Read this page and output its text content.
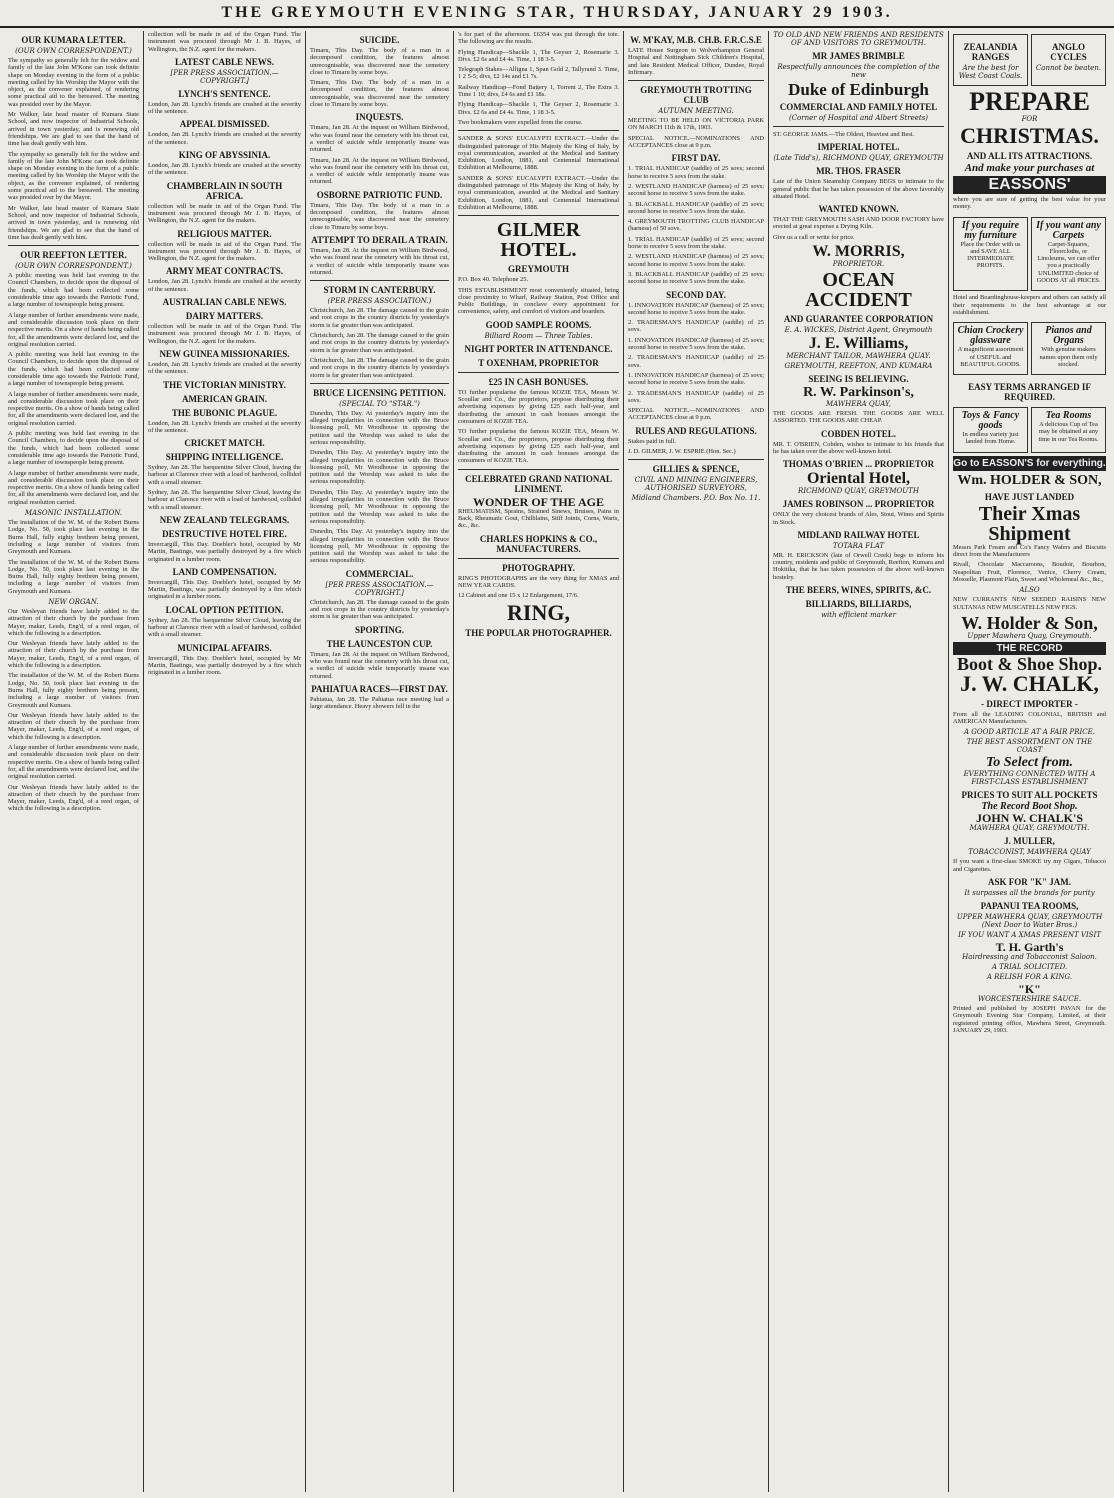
THE GREYMOUTH EVENING STAR, THURSDAY, JANUARY 29 1903.
OUR KUMARA LETTER.
(OUR OWN CORRESPONDENT.)

The sympathy so generally felt for the widow and family of the late John M'Kone can took definite shape on Monday evening in the form of a public meeting called by his Worship the Mayor with the object, as the convener explained, of rendering some practical aid to the bereaved. The meeting was presided over by the Mayor.

Mr Walker, late head master of Kumara State School, and now inspector of Industrial Schools, arrived in town yesterday, and is renewing old friendships. We are glad to see that the hand of time has dealt gently with him.

The sympathy so generally felt for the widow and family of the late John M'Kone can took definite shape on Monday evening in the form of a public meeting called by his Worship the Mayor with the object, as the convener explained, of rendering some practical aid to the bereaved. The meeting was presided over by the Mayor.

Mr Walker, late head master of Kumara State School, and now inspector of Industrial Schools, arrived in town yesterday, and is renewing old friendships. We are glad to see that the hand of time has dealt gently with him.

OUR REEFTON LETTER.
(OUR OWN CORRESPONDENT.)

A public meeting was held last evening in the Council Chambers, to decide upon the disposal of the funds, which had been collected some considerable time ago towards the Patriotic Fund, a large number of townspeople being present.

A large number of further amendments were made, and considerable discussion took place on their respective merits. On a show of hands being called for, all the amendments were declared lost, and the original resolution carried.

A public meeting was held last evening in the Council Chambers, to decide upon the disposal of the funds, which had been collected some considerable time ago towards the Patriotic Fund, a large number of townspeople being present.

A large number of further amendments were made, and considerable discussion took place on their respective merits. On a show of hands being called for, all the amendments were declared lost, and the original resolution carried.

A public meeting was held last evening in the Council Chambers, to decide upon the disposal of the funds, which had been collected some considerable time ago towards the Patriotic Fund, a large number of townspeople being present.

A large number of further amendments were made, and considerable discussion took place on their respective merits. On a show of hands being called for, all the amendments were declared lost, and the original resolution carried.

MASONIC INSTALLATION.

The installation of the W. M. of the Robert Burns Lodge, No. 50, took place last evening in the Burns Hall, fully eighty brethren being present, including a large number of visitors from Greymouth and Kumara.

The installation of the W. M. of the Robert Burns Lodge, No. 50, took place last evening in the Burns Hall, fully eighty brethren being present, including a large number of visitors from Greymouth and Kumara.

NEW ORGAN.

Our Wesleyan friends have lately added to the attraction of their church by the purchase from Mayer, maker, Leeds, Eng'd, of a reed organ, of which the following is a description.

Our Wesleyan friends have lately added to the attraction of their church by the purchase from Mayer, maker, Leeds, Eng'd, of a reed organ, of which the following is a description.

The installation of the W. M. of the Robert Burns Lodge, No. 50, took place last evening in the Burns Hall, fully eighty brethren being present, including a large number of visitors from Greymouth and Kumara.

Our Wesleyan friends have lately added to the attraction of their church by the purchase from Mayer, maker, Leeds, Eng'd, of a reed organ, of which the following is a description.

A large number of further amendments were made, and considerable discussion took place on their respective merits. On a show of hands being called for, all the amendments were declared lost, and the original resolution carried.

Our Wesleyan friends have lately added to the attraction of their church by the purchase from Mayer, maker, Leeds, Eng'd, of a reed organ, of which the following is a description.

collection will be made in aid of the Organ Fund. The instrument was procured through Mr J. B. Hayes, of Wellington, the N.Z. agent for the makers.

LATEST CABLE NEWS.
[PER PRESS ASSOCIATION.—COPYRIGHT.]
LYNCH'S SENTENCE.

London, Jan 28. Lynch's friends are crushed at the severity of the sentence.

APPEAL DISMISSED.

London, Jan 28. Lynch's friends are crushed at the severity of the sentence.

KING OF ABYSSINIA.

London, Jan 28. Lynch's friends are crushed at the severity of the sentence.

CHAMBERLAIN IN SOUTH AFRICA.

collection will be made in aid of the Organ Fund. The instrument was procured through Mr J. B. Hayes, of Wellington, the N.Z. agent for the makers.

RELIGIOUS MATTER.

collection will be made in aid of the Organ Fund. The instrument was procured through Mr J. B. Hayes, of Wellington, the N.Z. agent for the makers.

ARMY MEAT CONTRACTS.

London, Jan 28. Lynch's friends are crushed at the severity of the sentence.

AUSTRALIAN CABLE NEWS.
DAIRY MATTERS.

collection will be made in aid of the Organ Fund. The instrument was procured through Mr J. B. Hayes, of Wellington, the N.Z. agent for the makers.

NEW GUINEA MISSIONARIES.

London, Jan 28. Lynch's friends are crushed at the severity of the sentence.

THE VICTORIAN MINISTRY.
AMERICAN GRAIN.
THE BUBONIC PLAGUE.

London, Jan 28. Lynch's friends are crushed at the severity of the sentence.

CRICKET MATCH.
SHIPPING INTELLIGENCE.

Sydney, Jan 28. The barquentine Silver Cloud, leaving the harbour at Clarence river with a load of hardwood, collided with a small steamer.

Sydney, Jan 28. The barquentine Silver Cloud, leaving the harbour at Clarence river with a load of hardwood, collided with a small steamer.

NEW ZEALAND TELEGRAMS.
DESTRUCTIVE HOTEL FIRE.

Invercargill, This Day. Doebler's hotel, occupied by Mr Martin, Bastings, was partially destroyed by a fire which originated in a lumber room.

LAND COMPENSATION.

Invercargill, This Day. Doebler's hotel, occupied by Mr Martin, Bastings, was partially destroyed by a fire which originated in a lumber room.

LOCAL OPTION PETITION.

Sydney, Jan 28. The barquentine Silver Cloud, leaving the harbour at Clarence river with a load of hardwood, collided with a small steamer.

MUNICIPAL AFFAIRS.

Invercargill, This Day. Doebler's hotel, occupied by Mr Martin, Bastings, was partially destroyed by a fire which originated in a lumber room.

SUICIDE.

Timaru, This Day. The body of a man in a decomposed condition, the features almost unrecognisable, was discovered near the cemetery close to Timaru by some boys.

Timaru, This Day. The body of a man in a decomposed condition, the features almost unrecognisable, was discovered near the cemetery close to Timaru by some boys.

INQUESTS.

Timaru, Jan 28. At the inquest on William Birdwood, who was found near the cemetery with his throat cut, a verdict of suicide while temporarily insane was returned.

Timaru, Jan 28. At the inquest on William Birdwood, who was found near the cemetery with his throat cut, a verdict of suicide while temporarily insane was returned.

OSBORNE PATRIOTIC FUND.

Timaru, This Day. The body of a man in a decomposed condition, the features almost unrecognisable, was discovered near the cemetery close to Timaru by some boys.

ATTEMPT TO DERAIL A TRAIN.

Timaru, Jan 28. At the inquest on William Birdwood, who was found near the cemetery with his throat cut, a verdict of suicide while temporarily insane was returned.

STORM IN CANTERBURY.
(PER PRESS ASSOCIATION.)

Christchurch, Jan 28. The damage caused to the grain and root crops in the country districts by yesterday's storm is far greater than was anticipated.

Christchurch, Jan 28. The damage caused to the grain and root crops in the country districts by yesterday's storm is far greater than was anticipated.

Christchurch, Jan 28. The damage caused to the grain and root crops in the country districts by yesterday's storm is far greater than was anticipated.

BRUCE LICENSING PETITION.
(SPECIAL TO "STAR.")

Dunedin, This Day. At yesterday's inquiry into the alleged irregularities in connection with the Bruce licensing poll, Mr Woodhouse in opposing the petition said the Worship was asked to take the serious responsibility.

Dunedin, This Day. At yesterday's inquiry into the alleged irregularities in connection with the Bruce licensing poll, Mr Woodhouse in opposing the petition said the Worship was asked to take the serious responsibility.

Dunedin, This Day. At yesterday's inquiry into the alleged irregularities in connection with the Bruce licensing poll, Mr Woodhouse in opposing the petition said the Worship was asked to take the serious responsibility.

Dunedin, This Day. At yesterday's inquiry into the alleged irregularities in connection with the Bruce licensing poll, Mr Woodhouse in opposing the petition said the Worship was asked to take the serious responsibility.

COMMERCIAL.
[PER PRESS ASSOCIATION.—COPYRIGHT.]

Christchurch, Jan 28. The damage caused to the grain and root crops in the country districts by yesterday's storm is far greater than was anticipated.

SPORTING.
THE LAUNCESTON CUP.

Timaru, Jan 28. At the inquest on William Birdwood, who was found near the cemetery with his throat cut, a verdict of suicide while temporarily insane was returned.

PAHIATUA RACES—FIRST DAY.

Pahiatua, Jan 28. The Pahiatua race meeting had a large attendance. Heavy showers fell in the

's for part of the afternoon. £6354 was put through the tote. The following are the results.

Flying Handicap—Shackle 1, The Geyser 2, Rosemarie 3. Divs. £2 6s and £4 4s. Time, 1 18 3-5.

Telegraph Stakes—Alligna 1, Span Gold 2, Tallyrand 3. Time, 1 2 5-5; divs, £2 14s and £1 7s.

Railway Handicap—Fond Battery 1, Torrent 2, The Extra 3. Time 1 10; divs, £4 6s and £1 18s.

Flying Handicap—Shackle 1, The Geyser 2, Rosemarie 3. Divs. £2 6s and £4 4s. Time, 1 18 3-5.

Two bookmakers were expelled from the course.

SANDER & SONS' EUCALYPTI EXTRACT.—Under the distinguished patronage of His Majesty the King of Italy, by royal communication, awarded at the Medical and Sanitary Exhibition, London, 1881, and Centennial International Exhibition at Melbourne, 1888.

SANDER & SONS' EUCALYPTI EXTRACT.—Under the distinguished patronage of His Majesty the King of Italy, by royal communication, awarded at the Medical and Sanitary Exhibition, London, 1881, and Centennial International Exhibition at Melbourne, 1888.

GILMER HOTEL.
GREYMOUTH

P.O. Box 40. Telephone 25.

THIS ESTABLISHMENT most conveniently situated, being close proximity to Wharf, Railway Station, Post Office and Public Buildings, in conclave every appointment for convenience, safety, and comfort of visitors and boarders.

GOOD SAMPLE ROOMS.
Billiard Room — Three Tables.
NIGHT PORTER IN ATTENDANCE.
T OXENHAM, PROPRIETOR
£25 IN CASH BONUSES.

TO further popularise the famous KOZIE TEA, Messrs W. Scoullar and Co., the proprietors, propose distributing their advertising expenses by giving £25 each half-year, and distributing the amount in cash bonuses amongst the consumers of KOZIE TEA.

TO further popularise the famous KOZIE TEA, Messrs W. Scoullar and Co., the proprietors, propose distributing their advertising expenses by giving £25 each half-year, and distributing the amount in cash bonuses amongst the consumers of KOZIE TEA.

CELEBRATED GRAND NATIONAL LINIMENT.
WONDER OF THE AGE

RHEUMATISM, Sprains, Strained Sinews, Bruises, Pains in Back, Rheumatic Gout, Chilblains, Stiff Joints, Corns, Warts, &c., &c.

CHARLES HOPKINS & CO., MANUFACTURERS.
PHOTOGRAPHY.

RING'S PHOTOGRAPHS are the very thing for XMAS and NEW YEAR CARDS.

12 Cabinet and one 15 x 12 Enlargement, 17/6.

RING,
THE POPULAR PHOTOGRAPHER.
W. M'KAY, M.B. CH.B. F.R.C.S.E

LATE House Surgeon to Wolverhampton General Hospital and Nottingham Sick Children's Hospital, and late Resident Medical Officer, Dundee, Royal Infirmary.

GREYMOUTH TROTTING CLUB
AUTUMN MEETING.

MEETING TO BE HELD ON VICTORIA PARK ON MARCH 11th & 17th, 1903.

SPECIAL NOTICE.—NOMINATIONS AND ACCEPTANCES close at 9 p.m.

FIRST DAY.

1. TRIAL HANDICAP (saddle) of 25 sovs; second horse to receive 5 sovs from the stake.

2. WESTLAND HANDICAP (harness) of 25 sovs; second horse to receive 5 sovs from the stake.

3. BLACKBALL HANDICAP (saddle) of 25 sovs; second horse to receive 5 sovs from the stake.

4. GREYMOUTH TROTTING CLUB HANDICAP (harness) of 50 sovs.

1. TRIAL HANDICAP (saddle) of 25 sovs; second horse to receive 5 sovs from the stake.

2. WESTLAND HANDICAP (harness) of 25 sovs; second horse to receive 5 sovs from the stake.

3. BLACKBALL HANDICAP (saddle) of 25 sovs; second horse to receive 5 sovs from the stake.

SECOND DAY.

1. INNOVATION HANDICAP (harness) of 25 sovs; second horse to receive 5 sovs from the stake.

2. TRADESMAN'S HANDICAP (saddle) of 25 sovs.

1. INNOVATION HANDICAP (harness) of 25 sovs; second horse to receive 5 sovs from the stake.

2. TRADESMAN'S HANDICAP (saddle) of 25 sovs.

1. INNOVATION HANDICAP (harness) of 25 sovs; second horse to receive 5 sovs from the stake.

2. TRADESMAN'S HANDICAP (saddle) of 25 sovs.

SPECIAL NOTICE.—NOMINATIONS AND ACCEPTANCES close at 9 p.m.

RULES AND REGULATIONS.

Stakes paid in full.

J. D. GILMER, J. W. ESPRIE (Hon. Sec.)

GILLIES & SPENCE,
CIVIL AND MINING ENGINEERS, AUTHORISED SURVEYORS,
Midland Chambers. P.O. Box No. 11.
TO OLD AND NEW FRIENDS AND RESIDENTS OF AND VISITORS TO GREYMOUTH.
MR JAMES BRIMBLE
Respectfully announces the completion of the new
Duke of Edinburgh
COMMERCIAL AND FAMILY HOTEL
(Corner of Hospital and Albert Streets)

ST. GEORGE JAMS.—The Oldest, Heaviest and Best.

IMPERIAL HOTEL.
(Late Tidd's), RICHMOND QUAY, GREYMOUTH
MR. THOS. FRASER

Late of the Union Steamship Company BEGS to intimate to the general public that he has taken possession of the above favorably situated Hotel.

WANTED KNOWN.

THAT THE GREYMOUTH SASH AND DOOR FACTORY have erected at great expense a Drying Kiln.

Give us a call or write for price.

W. MORRIS,
PROPRIETOR.
OCEAN ACCIDENT
AND GUARANTEE CORPORATION
E. A. WICKES, District Agent, Greymouth
J. E. Williams,
MERCHANT TAILOR, MAWHERA QUAY.
GREYMOUTH, REEFTON, AND KUMARA
SEEING IS BELIEVING.
R. W. Parkinson's,
MAWHERA QUAY,

THE GOODS ARE FRESH. THE GOODS ARE WELL ASSORTED. THE GOODS ARE CHEAP.

COBDEN HOTEL.

MR. T. O'BRIEN, Cobden, wishes to intimate to his friends that he has taken over the above well-known hotel.

THOMAS O'BRIEN ... PROPRIETOR
Oriental Hotel,
RICHMOND QUAY, GREYMOUTH
JAMES ROBINSON ... PROPRIETOR

ONLY the very choicest brands of Ales, Stout, Wines and Spirits in Stock.

MIDLAND RAILWAY HOTEL
TOTARA FLAT

MR. H. ERICKSON (late of Orwell Creek) begs to inform his country, residents and public of Greymouth, Reefton, Kumara and Hokitika, that he has taken possession of the above well-known hostelry.

THE BEERS, WINES, SPIRITS, &C.
BILLIARDS, BILLIARDS,
with efficient marker
ZEALANDIA RANGES
Are the best for West Coast Coals.
ANGLO CYCLES
Cannot be beaten.
PREPARE
FOR
CHRISTMAS.
AND ALL ITS ATTRACTIONS.
And make your purchases at
EASSONS'

where you are sure of getting the best value for your money.

If you require my furniture
Place the Order with us and SAVE ALL INTERMEDIATE PROFITS.
If you want any Carpets
Carpet-Squares, Floorcloths, or Linoleums, we can offer you a practically UNLIMITED choice of GOODS AT all PRICES.

Hotel and Boardinghouse-keepers and others can satisfy all their requirements to the best advantage at our establishment.

Chian Crockery glassware
A magnificent assortment of USEFUL and BEAUTIFUL GOODS.
Pianos and Organs
With genuine makers names upon them only stocked.
EASY TERMS ARRANGED IF REQUIRED.
Toys & Fancy goods
In endless variety just landed from Home.
Tea Rooms
A delicious Cup of Tea may be obtained at any time in our Tea Rooms.
Go to EASSON'S for everything.
Wm. HOLDER & SON,
HAVE JUST LANDED
Their Xmas Shipment

Messrs Park Fream and Co's Fancy Wafers and Biscuits direct from the Manufacturers

Rivall, Chocolate Maccaroons, Boudoir, Bourbon, Neapolitan Fruit, Florence, Venice, Cherry Cream, Mosselle, Plasmont Plain, Sweet and Wholemeal &c., &c.,

ALSO

NEW CURRANTS NEW SEEDED RAISINS NEW SULTANAS NEW MUSCATELLS NEW FIGS.

W. Holder & Son,
Upper Mawhera Quay, Greymouth.
THE RECORD
Boot & Shoe Shop.
J. W. CHALK,
- DIRECT IMPORTER -

From all the LEADING COLONIAL, BRITISH and AMERICAN Manufacturers.

A GOOD ARTICLE AT A FAIR PRICE.
THE BEST ASSORTMENT ON THE COAST
To Select from.
EVERYTHING CONNECTED WITH A FIRST-CLASS ESTABLISHMENT
PRICES TO SUIT ALL POCKETS
The Record Boot Shop.
JOHN W. CHALK'S
MAWHERA QUAY, GREYMOUTH.
J. MULLER,
TOBACCONIST, MAWHERA QUAY

If you want a first-class SMOKE try my Cigars, Tobacco and Cigarettes.

ASK FOR "K" JAM.
It surpasses all the brands for purity
PAPANUI TEA ROOMS,
UPPER MAWHERA QUAY, GREYMOUTH (Next Door to Water Bros.)
IF YOU WANT A XMAS PRESENT VISIT
T. H. Garth's
Hairdressing and Tobacconist Saloon.
A TRIAL SOLICITED.
A RELISH FOR A KING.
"K"
WORCESTERSHIRE SAUCE.

Printed and published by JOSEPH PAVAN for the Greymouth Evening Star Company, Limited, at their registered printing office, Mawhera Street, Greymouth. JANUARY 29, 1903.
